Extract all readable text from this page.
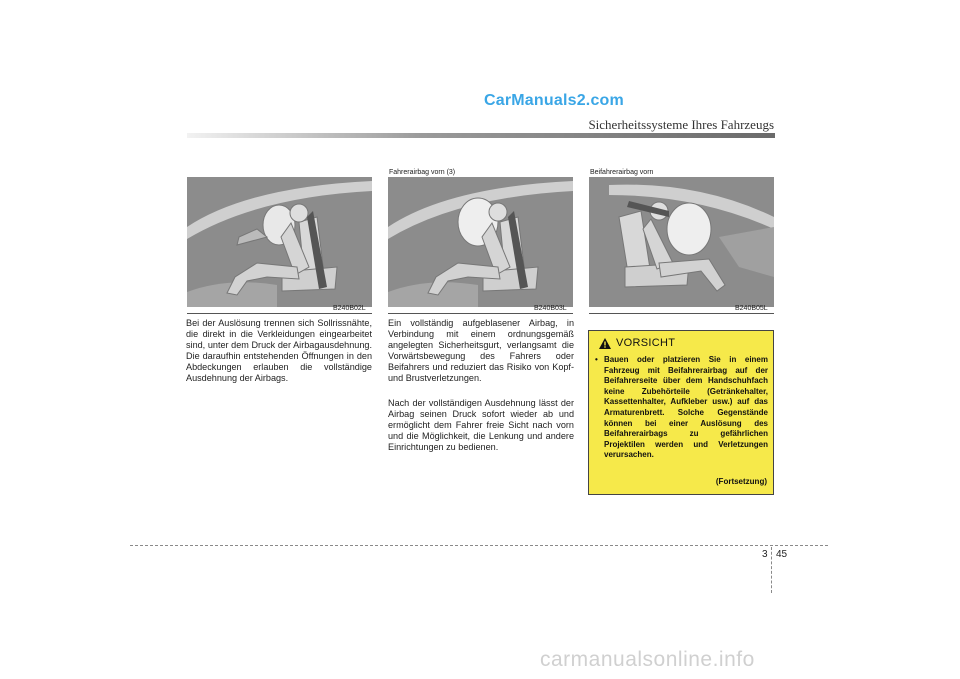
CarManuals2.com
Sicherheitssysteme Ihres Fahrzeugs
B240B02L
Fahrerairbag vorn (3)
B240B03L
Beifahrerairbag vorn
B240B05L

Bei der Auslösung trennen sich Sollrissnähte, die direkt in die Verkleidungen eingearbeitet sind, unter dem Druck der Airbagausdehnung. Die daraufhin entstehenden Öffnungen in den Abdeckungen erlauben die vollständige Ausdehnung der Airbags.

Ein vollständig aufgeblasener Airbag, in Verbindung mit einem ordnungsgemäß angelegten Sicherheitsgurt, verlangsamt die Vorwärtsbewegung des Fahrers oder Beifahrers und reduziert das Risiko von Kopf- und Brustverletzungen.

Nach der vollständigen Ausdehnung lässt der Airbag seinen Druck sofort wieder ab und ermöglicht dem Fahrer freie Sicht nach vorn und die Möglichkeit, die Lenkung und andere Einrichtungen zu bedienen.

VORSICHT
• Bauen oder platzieren Sie in einem Fahrzeug mit Beifahrerairbag auf der Beifahrerseite über dem Handschuhfach keine Zubehörteile (Getränkehalter, Kassettenhalter, Aufkleber usw.) auf das Armaturenbrett. Solche Gegenstände können bei einer Auslösung des Beifahrerairbags zu gefährlichen Projektilen werden und Verletzungen verursachen.
(Fortsetzung)
3 45
carmanualsonline.info
